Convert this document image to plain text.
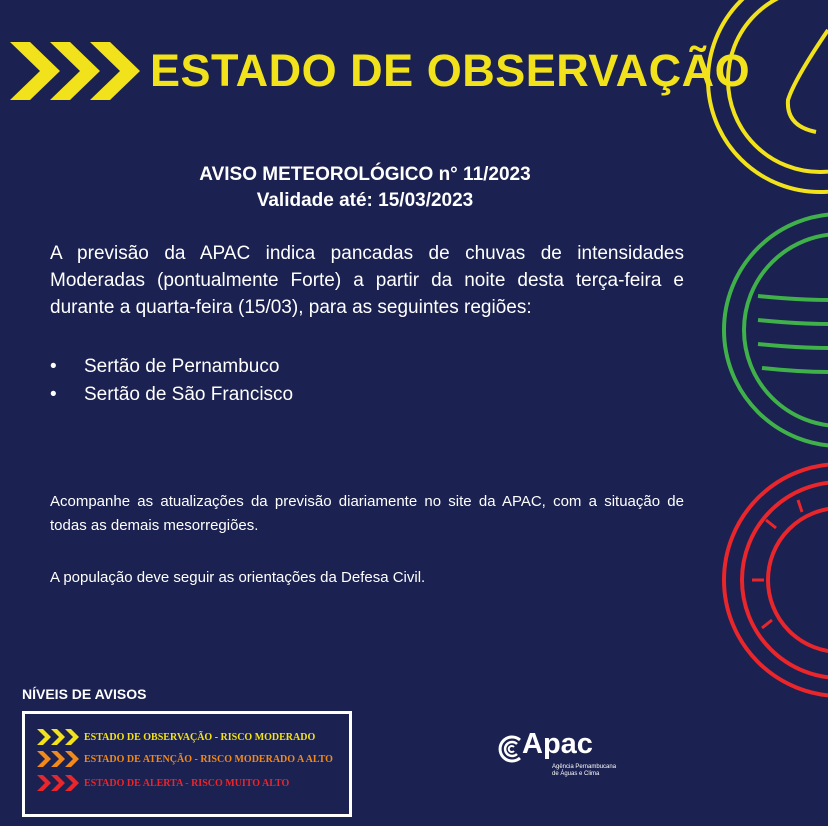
ESTADO DE OBSERVAÇÃO
AVISO METEOROLÓGICO n° 11/2023
Validade até: 15/03/2023
A previsão da APAC indica pancadas de chuvas de intensidades Moderadas (pontualmente Forte) a partir da noite desta terça-feira e durante a quarta-feira (15/03), para as seguintes regiões:
•	Sertão de Pernambuco
•	Sertão de São Francisco
Acompanhe as atualizações da previsão diariamente no site da APAC, com a situação de todas as demais mesorregiões.
A população deve seguir as orientações da Defesa Civil.
NÍVEIS DE AVISOS
ESTADO DE OBSERVAÇÃO - RISCO MODERADO
ESTADO DE ATENÇÃO - RISCO MODERADO A ALTO
ESTADO DE ALERTA - RISCO MUITO ALTO
Apac
Agência Pernambucana
de Águas e Clima
